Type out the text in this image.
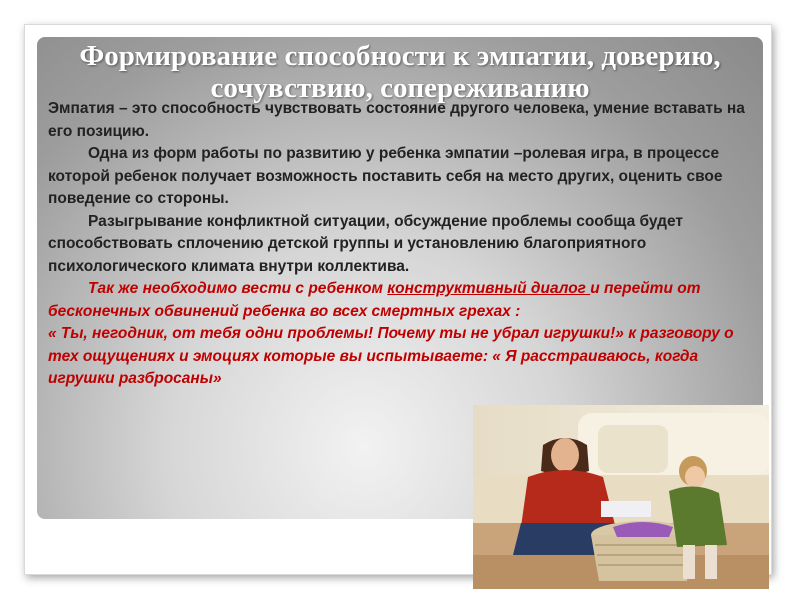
Формирование способности к эмпатии, доверию, сочувствию, сопереживанию

Эмпатия – это способность чувствовать состояние другого человека, умение вставать на его позицию.

Одна из форм работы по развитию у ребенка эмпатии –ролевая игра, в процессе которой ребенок получает возможность поставить себя на место других, оценить свое поведение со стороны.

Разыгрывание конфликтной ситуации, обсуждение проблемы сообща будет способствовать сплочению детской группы и установлению благоприятного психологического климата внутри коллектива.

Так же необходимо вести с ребенком конструктивный диалог и перейти от бесконечных обвинений ребенка во всех смертных грехах :

« Ты, негодник, от тебя одни проблемы! Почему ты не убрал игрушки!» к разговору о тех ощущениях и эмоциях которые вы испытываете: « Я расстраиваюсь, когда игрушки разбросаны»
